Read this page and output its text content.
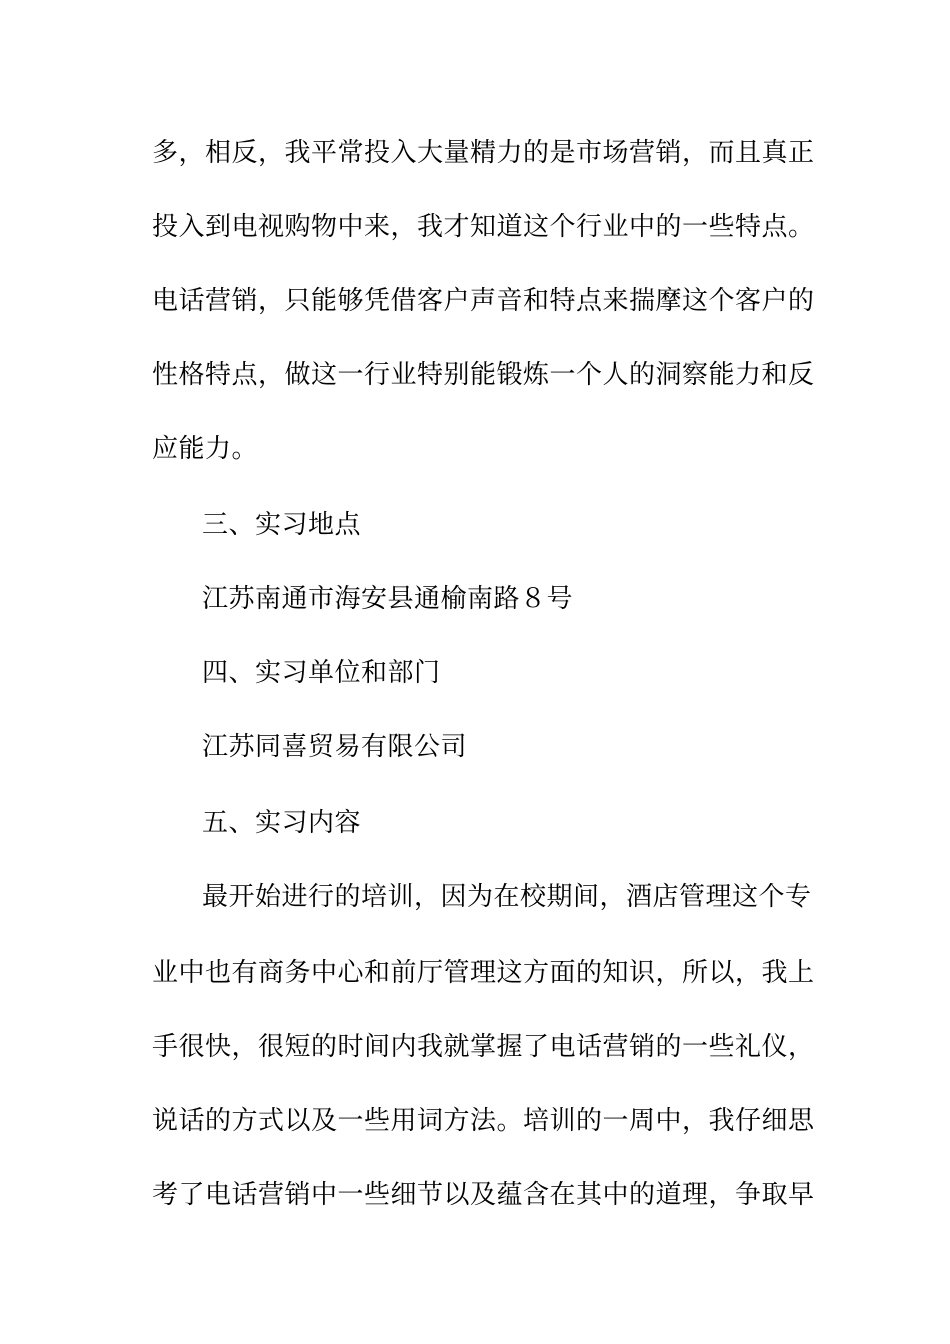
多，相反，我平常投入大量精力的是市场营销，而且真正
投入到电视购物中来，我才知道这个行业中的一些特点。
电话营销，只能够凭借客户声音和特点来揣摩这个客户的
性格特点，做这一行业特别能锻炼一个人的洞察能力和反
应能力。
三、实习地点
江苏南通市海安县通榆南路８号
四、实习单位和部门
江苏同喜贸易有限公司
五、实习内容
最开始进行的培训，因为在校期间，酒店管理这个专
业中也有商务中心和前厅管理这方面的知识，所以，我上
手很快，很短的时间内我就掌握了电话营销的一些礼仪，
说话的方式以及一些用词方法。培训的一周中，我仔细思
考了电话营销中一些细节以及蕴含在其中的道理，争取早
